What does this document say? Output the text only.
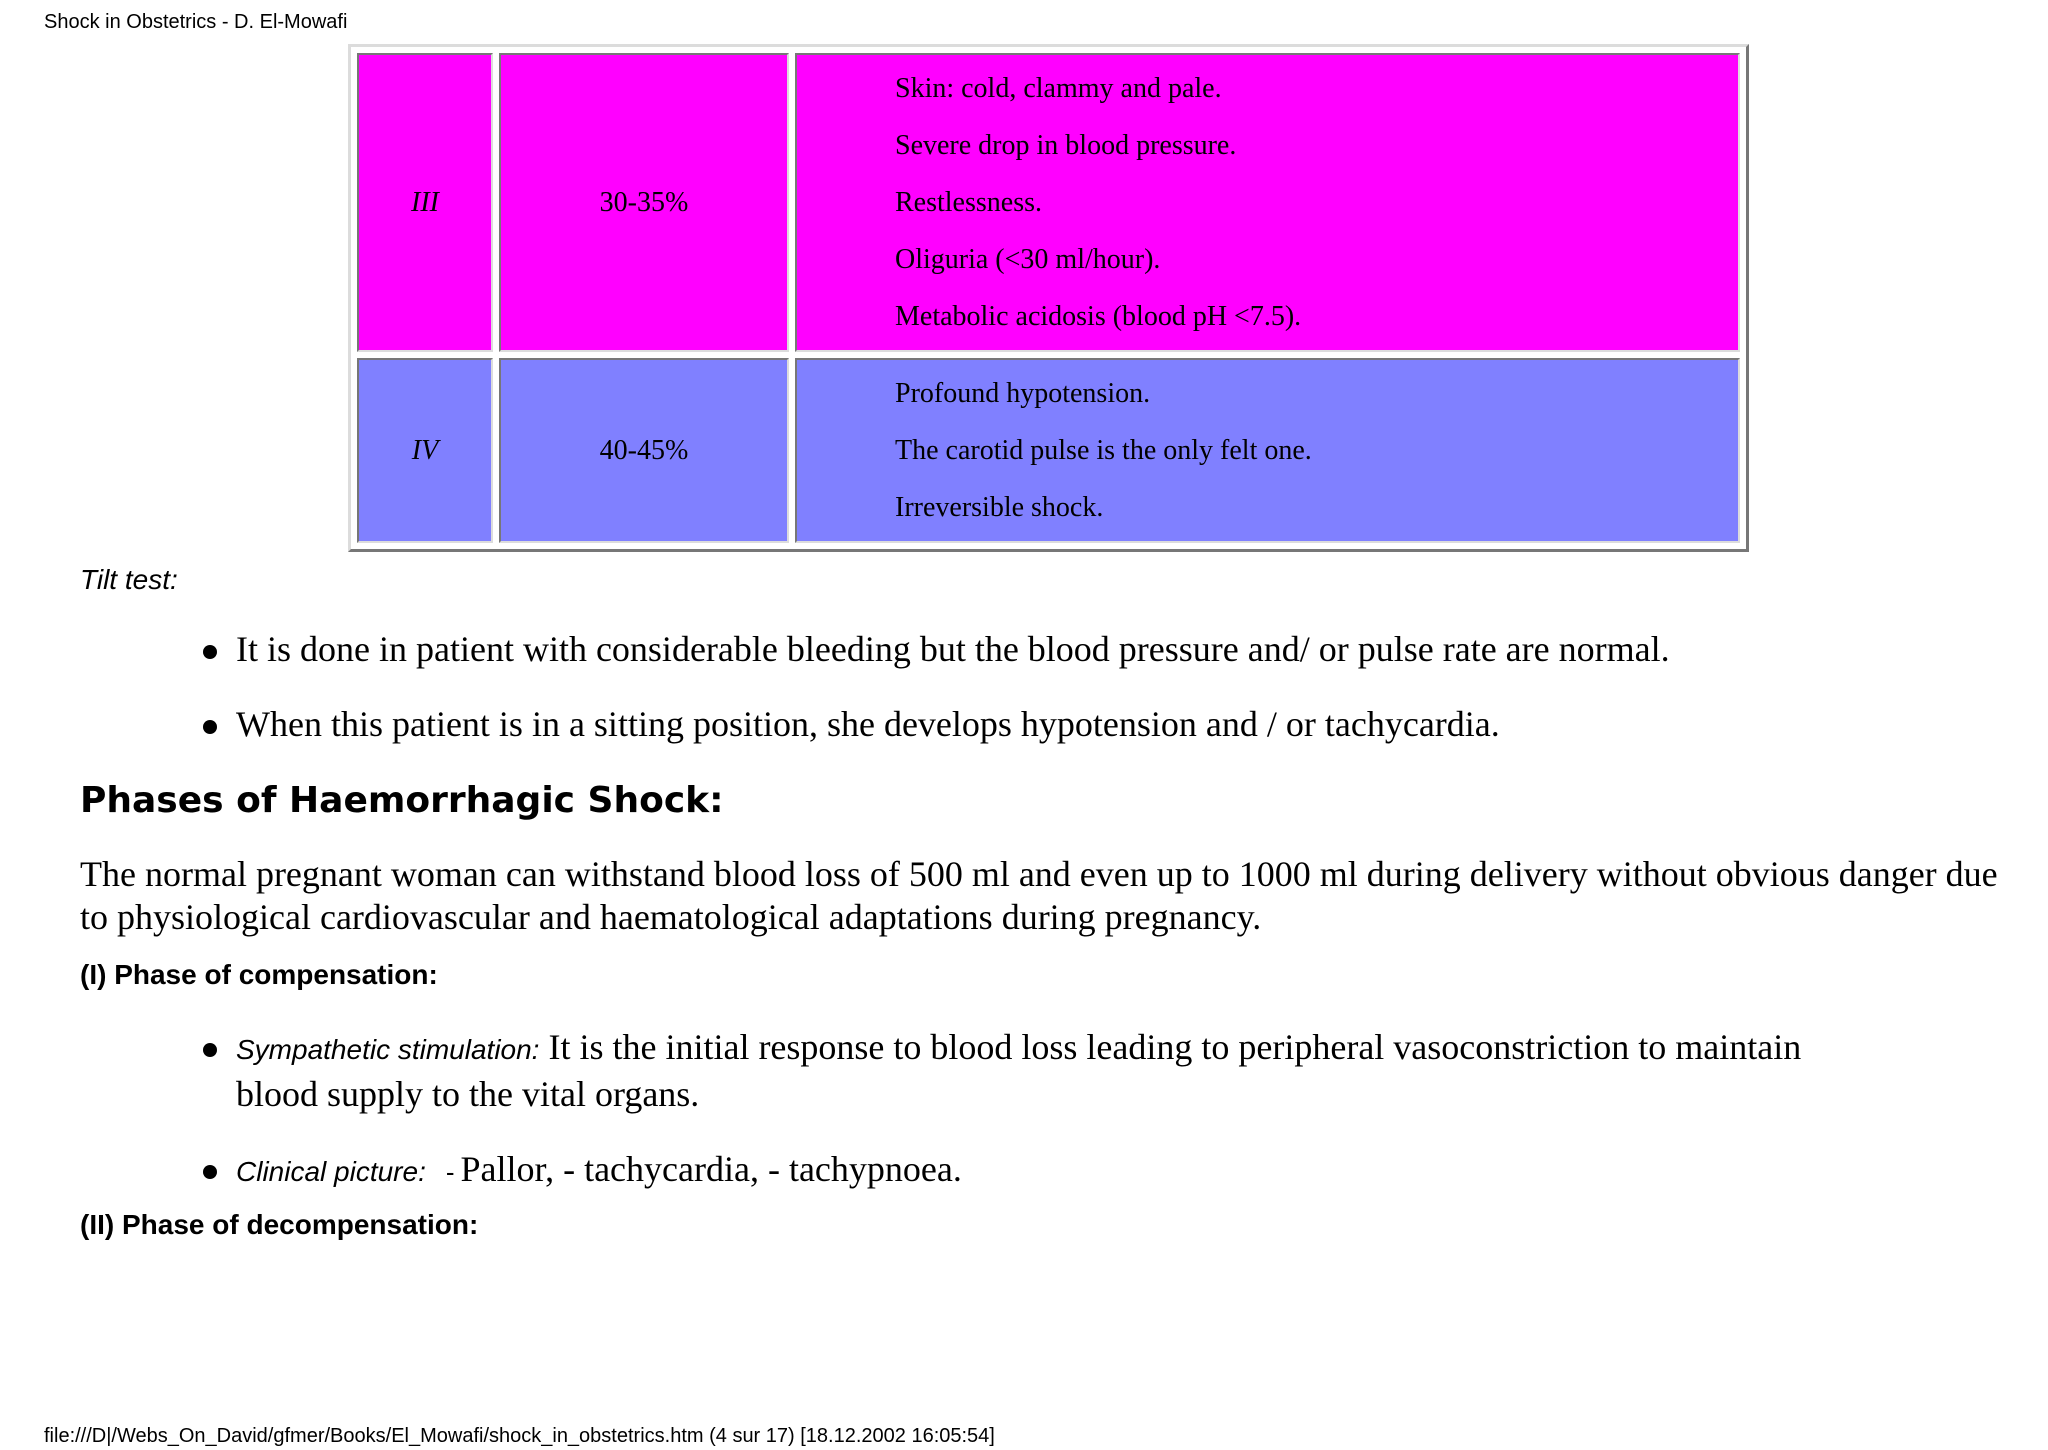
Shock in Obstetrics - D. El-Mowafi
III	30-35%	Skin: cold, clammy and pale.
Severe drop in blood pressure.
Restlessness.
Oliguria (<30 ml/hour).
Metabolic acidosis (blood pH <7.5).

IV	40-45%	Profound hypotension.
The carotid pulse is the only felt one.
Irreversible shock.
Tilt test:
It is done in patient with considerable bleeding but the blood pressure and/ or pulse rate are normal.
When this patient is in a sitting position, she develops hypotension and / or tachycardia.
Phases of Haemorrhagic Shock:

The normal pregnant woman can withstand blood loss of 500 ml and even up to 1000 ml during delivery without obvious danger due to physiological cardiovascular and haematological adaptations during pregnancy.

(I) Phase of compensation:
Sympathetic stimulation: It is the initial response to blood loss leading to peripheral vasoconstriction to maintain blood supply to the vital organs.
Clinical picture: - Pallor, - tachycardia, - tachypnoea.
(II) Phase of decompensation:
file:///D|/Webs_On_David/gfmer/Books/El_Mowafi/shock_in_obstetrics.htm (4 sur 17) [18.12.2002 16:05:54]
